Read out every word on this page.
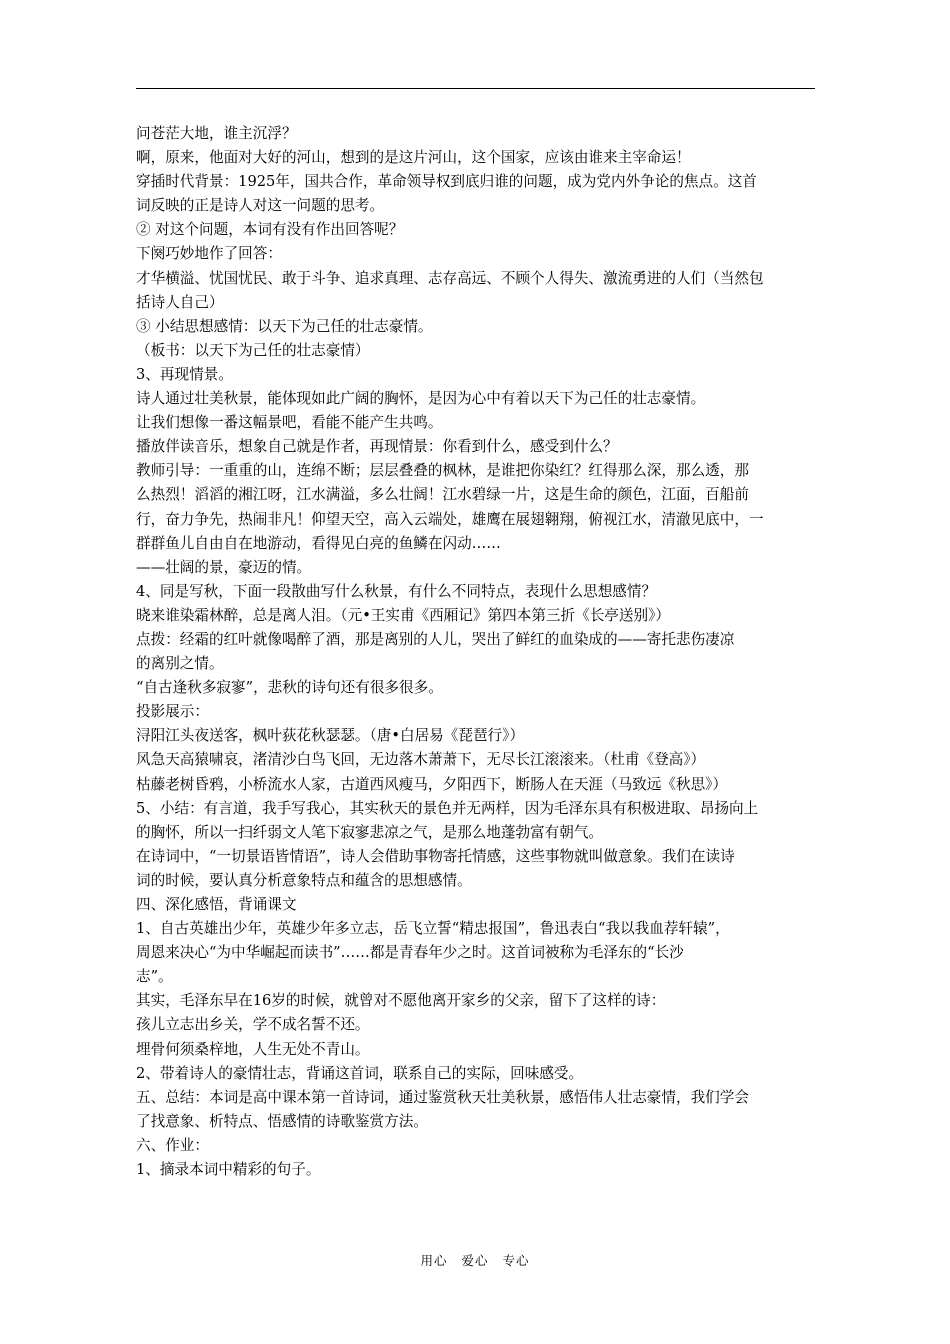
问苍茫大地，谁主沉浮？
啊，原来，他面对大好的河山，想到的是这片河山，这个国家，应该由谁来主宰命运！
穿插时代背景：1925年，国共合作，革命领导权到底归谁的问题，成为党内外争论的焦点。这首
词反映的正是诗人对这一问题的思考。
② 对这个问题，本词有没有作出回答呢？
下阕巧妙地作了回答：
才华横溢、忧国忧民、敢于斗争、追求真理、志存高远、不顾个人得失、激流勇进的人们（当然包
括诗人自己）
③ 小结思想感情：以天下为己任的壮志豪情。
（板书：以天下为己任的壮志豪情）
3、再现情景。
诗人通过壮美秋景，能体现如此广阔的胸怀，是因为心中有着以天下为己任的壮志豪情。
让我们想像一番这幅景吧，看能不能产生共鸣。
播放伴读音乐，想象自己就是作者，再现情景：你看到什么，感受到什么？
教师引导：一重重的山，连绵不断；层层叠叠的枫林，是谁把你染红？红得那么深，那么透，那
么热烈！滔滔的湘江呀，江水满溢，多么壮阔！江水碧绿一片，这是生命的颜色，江面，百船前
行，奋力争先，热闹非凡！仰望天空，高入云端处，雄鹰在展翅翱翔，俯视江水，清澈见底中，一
群群鱼儿自由自在地游动，看得见白亮的鱼鳞在闪动……
——壮阔的景，豪迈的情。
4、同是写秋，下面一段散曲写什么秋景，有什么不同特点，表现什么思想感情？
晓来谁染霜林醉，总是离人泪。（元•王实甫《西厢记》第四本第三折《长亭送别》）
点拨：经霜的红叶就像喝醉了酒，那是离别的人儿，哭出了鲜红的血染成的——寄托悲伤凄凉
的离别之情。
“自古逢秋多寂寥”，悲秋的诗句还有很多很多。
投影展示：
浔阳江头夜送客，枫叶荻花秋瑟瑟。（唐•白居易《琵琶行》）
风急天高猿啸哀，渚清沙白鸟飞回，无边落木萧萧下，无尽长江滚滚来。（杜甫《登高》）
枯藤老树昏鸦，小桥流水人家，古道西风瘦马，夕阳西下，断肠人在天涯（马致远《秋思》）
5、小结：有言道，我手写我心，其实秋天的景色并无两样，因为毛泽东具有积极进取、昂扬向上
的胸怀，所以一扫纤弱文人笔下寂寥悲凉之气，是那么地蓬勃富有朝气。
在诗词中，“一切景语皆情语”，诗人会借助事物寄托情感，这些事物就叫做意象。我们在读诗
词的时候，要认真分析意象特点和蕴含的思想感情。
四、深化感悟，背诵课文
1、自古英雄出少年，英雄少年多立志，岳飞立誓“精忠报国”，鲁迅表白“我以我血荐轩辕”，
周恩来决心“为中华崛起而读书”……都是青春年少之时。这首词被称为毛泽东的“长沙
志”。
其实，毛泽东早在16岁的时候，就曾对不愿他离开家乡的父亲，留下了这样的诗：
孩儿立志出乡关，学不成名誓不还。
埋骨何须桑梓地，人生无处不青山。
2、带着诗人的豪情壮志，背诵这首词，联系自己的实际，回味感受。
五、总结：本词是高中课本第一首诗词，通过鉴赏秋天壮美秋景，感悟伟人壮志豪情，我们学会
了找意象、析特点、悟感情的诗歌鉴赏方法。
六、作业：
1、摘录本词中精彩的句子。
用心 爱心 专心
